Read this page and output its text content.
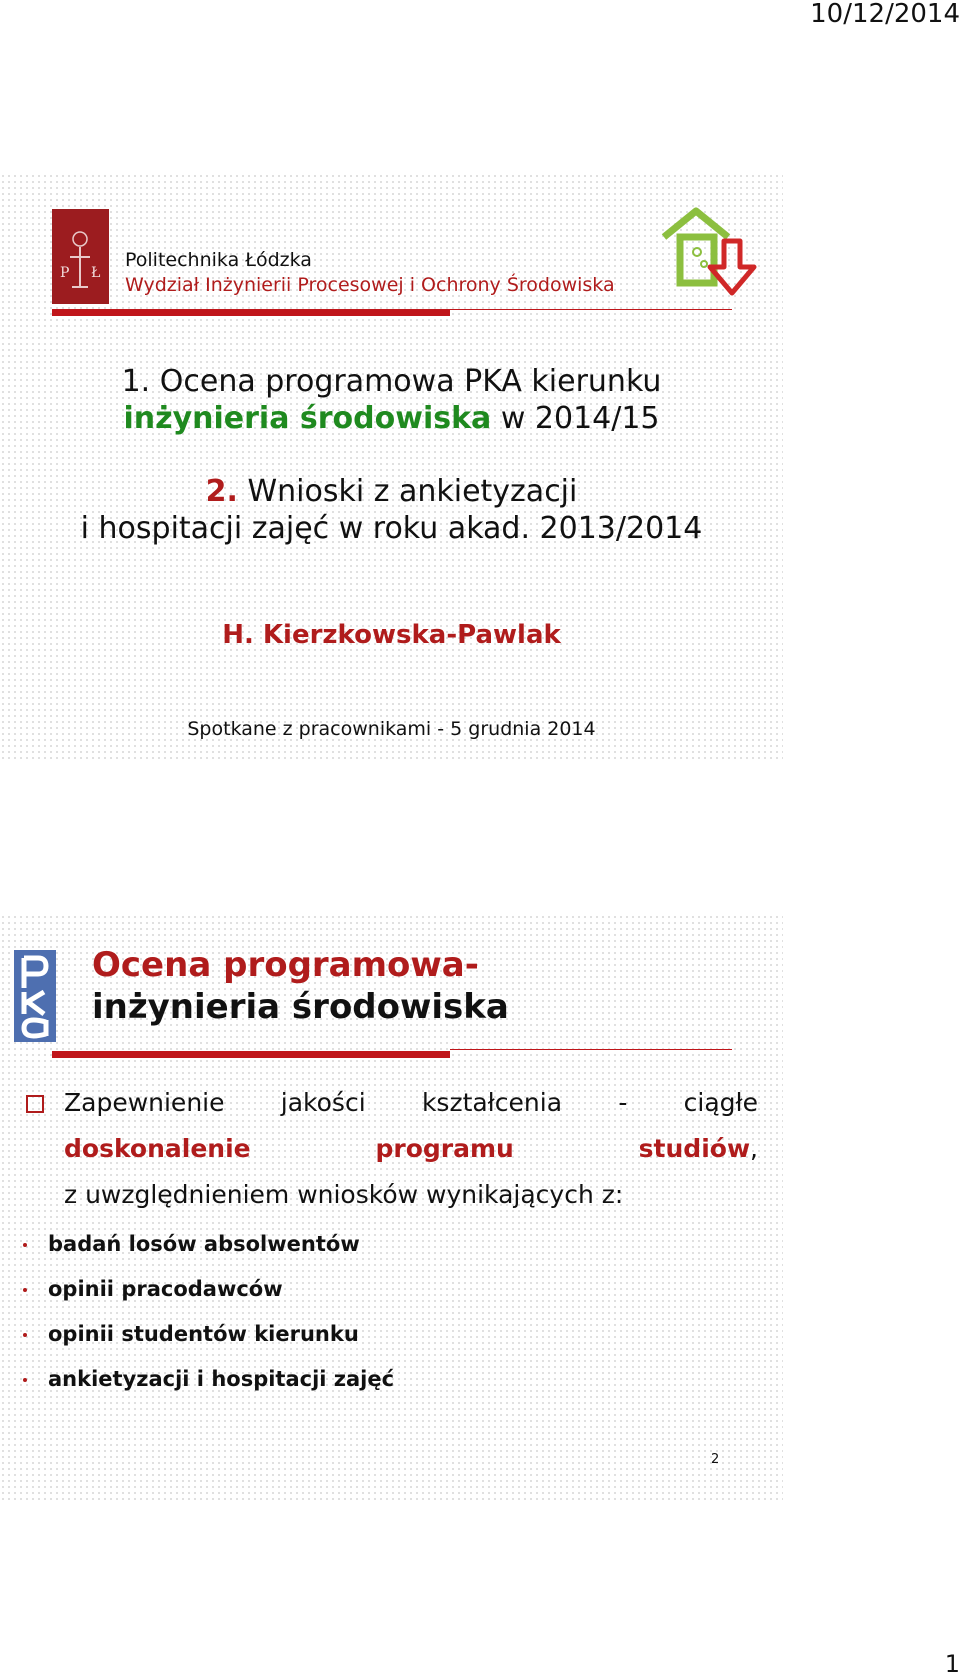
10/12/2014
P Ł
Politechnika Łódzka
Wydział Inżynierii Procesowej i Ochrony Środowiska
1. Ocena programowa PKA kierunku
inżynieria środowiska w 2014/15
2. Wnioski z ankietyzacji
i hospitacji zajęć w roku akad. 2013/2014
H. Kierzkowska-Pawlak
Spotkane z pracownikami - 5 grudnia 2014
Ocena programowa-
inżynieria środowiska
Zapewnienie jakości kształcenia - ciągłe
doskonalenie	programu	studiów,
z uwzględnieniem wniosków wynikających z:
badań losów absolwentów
opinii pracodawców
opinii studentów kierunku
ankietyzacji i hospitacji zajęć
2
1
